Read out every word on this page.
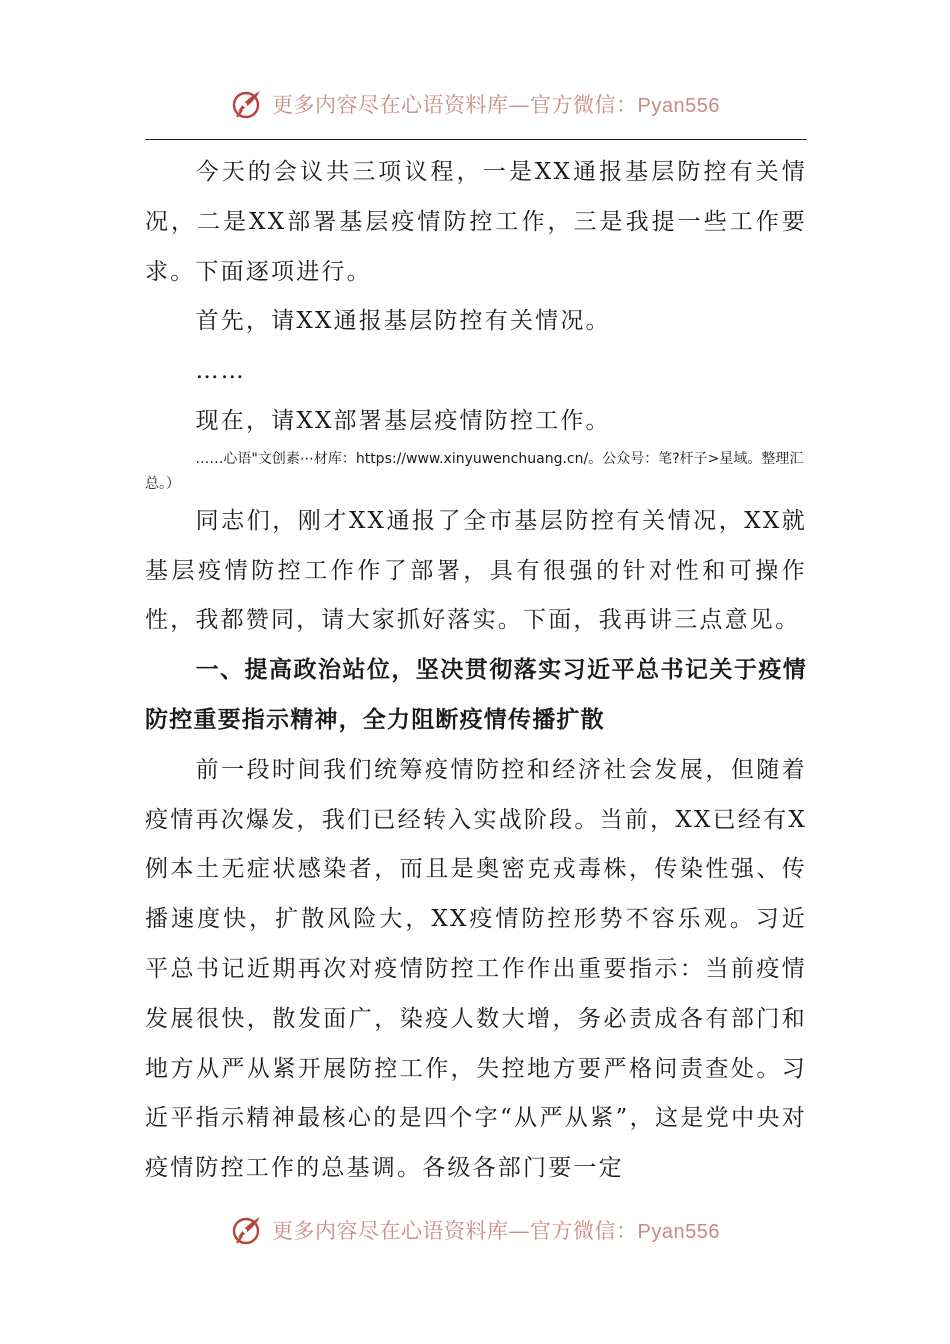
更多内容尽在心语资料库—官方微信：Pyan556

今天的会议共三项议程，一是XX通报基层防控有关情况，二是XX部署基层疫情防控工作，三是我提一些工作要求。下面逐项进行。

首先，请XX通报基层防控有关情况。

……

现在，请XX部署基层疫情防控工作。

……心语"文创素⋯材库：https://www.xinyuwenchuang.cn/。公众号：笔?杆子>星域。整理汇总。）

同志们，刚才XX通报了全市基层防控有关情况，XX就基层疫情防控工作作了部署，具有很强的针对性和可操作性，我都赞同，请大家抓好落实。下面，我再讲三点意见。

一、提高政治站位，坚决贯彻落实习近平总书记关于疫情防控重要指示精神，全力阻断疫情传播扩散

前一段时间我们统筹疫情防控和经济社会发展，但随着疫情再次爆发，我们已经转入实战阶段。当前，XX已经有X例本土无症状感染者，而且是奥密克戎毒株，传染性强、传播速度快，扩散风险大，XX疫情防控形势不容乐观。习近平总书记近期再次对疫情防控工作作出重要指示：当前疫情发展很快，散发面广，染疫人数大增，务必责成各有部门和地方从严从紧开展防控工作，失控地方要严格问责查处。习近平指示精神最核心的是四个字“从严从紧”，这是党中央对疫情防控工作的总基调。各级各部门要一定

更多内容尽在心语资料库—官方微信：Pyan556
